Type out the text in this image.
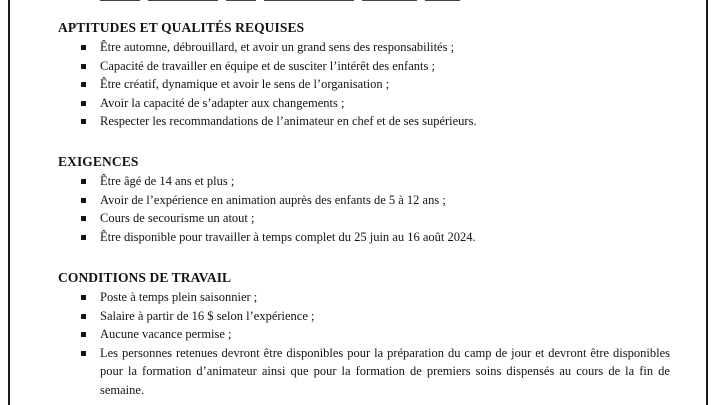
APTITUDES ET QUALITÉS REQUISES
Être automne, débrouillard, et avoir un grand sens des responsabilités ;
Capacité de travailler en équipe et de susciter l’intérêt des enfants ;
Être créatif, dynamique et avoir le sens de l’organisation ;
Avoir la capacité de s’adapter aux changements ;
Respecter les recommandations de l’animateur en chef et de ses supérieurs.
EXIGENCES
Être âgé de 14 ans et plus ;
Avoir de l’expérience en animation auprès des enfants de 5 à 12 ans ;
Cours de secourisme un atout ;
Être disponible pour travailler à temps complet du 25 juin au 16 août 2024.
CONDITIONS DE TRAVAIL
Poste à temps plein saisonnier ;
Salaire à partir de 16 $ selon l’expérience ;
Aucune vacance permise ;
Les personnes retenues devront être disponibles pour la préparation du camp de jour et devront être disponibles pour la formation d’animateur ainsi que pour la formation de premiers soins dispensés au cours de la fin de semaine.
